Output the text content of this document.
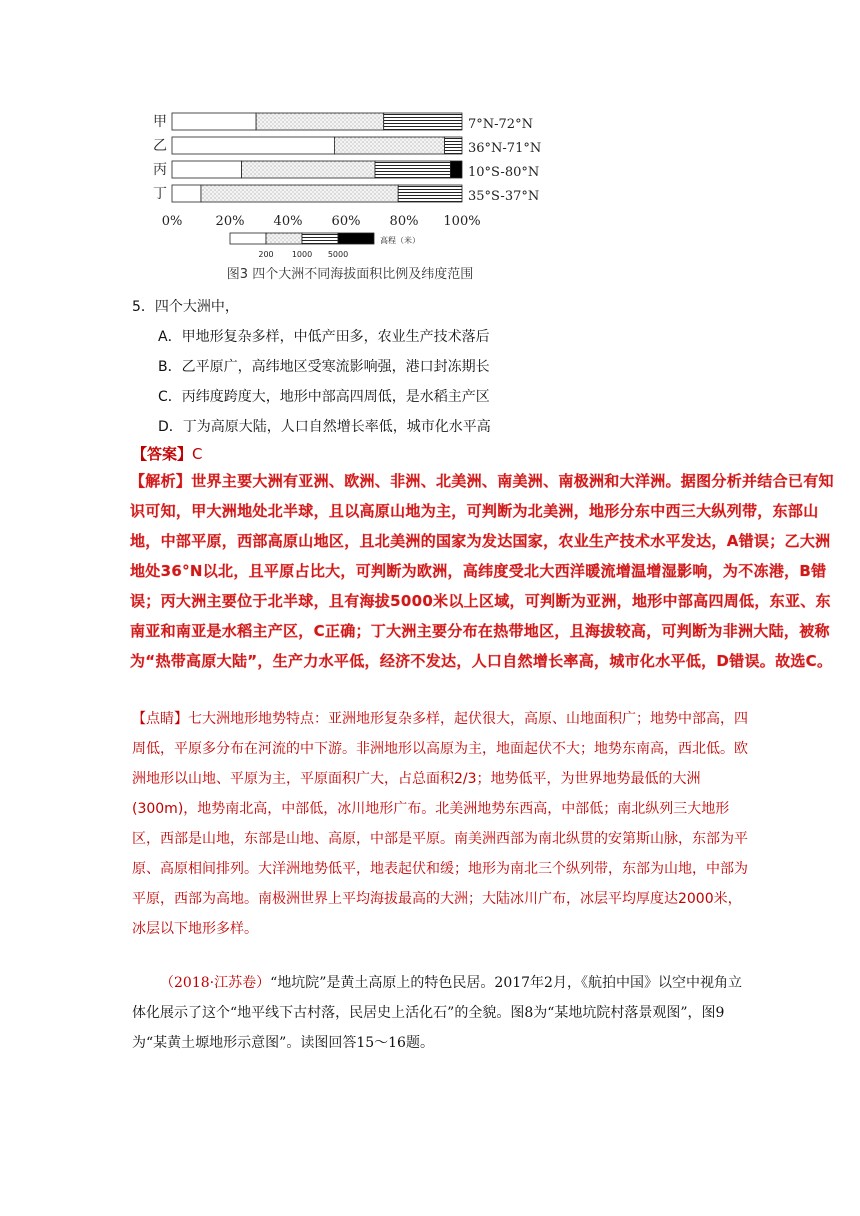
甲	7°N-72°N
乙	36°N-71°N
丙	10°S-80°N
丁	35°S-37°N
0%	20% 40% 60% 80% 100%
高程（米）
200 1000 5000
图3 四个大洲不同海拔面积比例及纬度范围
5．四个大洲中，
A．甲地形复杂多样，中低产田多，农业生产技术落后
B．乙平原广，高纬地区受寒流影响强，港口封冻期长
C．丙纬度跨度大，地形中部高四周低，是水稻主产区
D．丁为高原大陆，人口自然增长率低，城市化水平高
【答案】C
【解析】世界主要大洲有亚洲、欧洲、非洲、北美洲、南美洲、南极洲和大洋洲。据图分析并结合已有知识可知，甲大洲地处北半球，且以高原山地为主，可判断为北美洲，地形分东中西三大纵列带，东部山地，中部平原，西部高原山地区，且北美洲的国家为发达国家，农业生产技术水平发达，A错误；乙大洲地处36°N以北，且平原占比大，可判断为欧洲，高纬度受北大西洋暖流增温增湿影响，为不冻港，B错误；丙大洲主要位于北半球，且有海拔5000米以上区域，可判断为亚洲，地形中部高四周低，东亚、东南亚和南亚是水稻主产区，C正确；丁大洲主要分布在热带地区，且海拔较高，可判断为非洲大陆，被称为“热带高原大陆”，生产力水平低，经济不发达，人口自然增长率高，城市化水平低，D错误。故选C。
【点睛】七大洲地形地势特点：亚洲地形复杂多样，起伏很大，高原、山地面积广；地势中部高，四周低，平原多分布在河流的中下游。非洲地形以高原为主，地面起伏不大；地势东南高，西北低。欧洲地形以山地、平原为主，平原面积广大，占总面积2/3；地势低平，为世界地势最低的大洲(300m)，地势南北高，中部低，冰川地形广布。北美洲地势东西高，中部低；南北纵列三大地形区，西部是山地，东部是山地、高原，中部是平原。南美洲西部为南北纵贯的安第斯山脉，东部为平原、高原相间排列。大洋洲地势低平，地表起伏和缓；地形为南北三个纵列带，东部为山地，中部为平原，西部为高地。南极洲世界上平均海拔最高的大洲；大陆冰川广布，冰层平均厚度达2000米，冰层以下地形多样。
（2018·江苏卷）“地坑院”是黄土高原上的特色民居。2017年2月，《航拍中国》以空中视角立体化展示了这个“地平线下古村落，民居史上活化石”的全貌。图8为“某地坑院村落景观图”，图9为“某黄土塬地形示意图”。读图回答15～16题。
